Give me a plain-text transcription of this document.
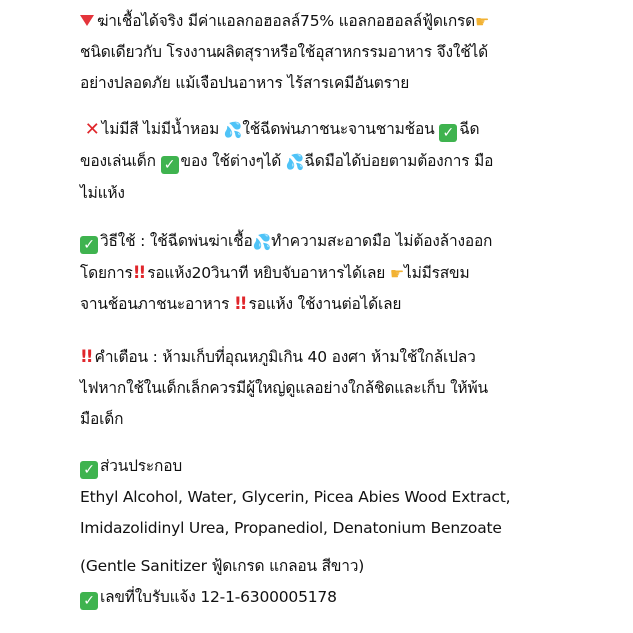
ฆ่าเชื้อได้จริง มีค่าแอลกอฮอลล์75% แอลกอฮอลล์ฟู้ดเกรด☛
ชนิดเดียวกับ โรงงานผลิตสุราหรือใช้อุสาหกรรมอาหาร จึงใช้ได้
อย่างปลอดภัย แม้เจือปนอาหาร ไร้สารเคมีอันตราย
✕ ไม่มีสี ไม่มีน้ำหอม 💦ใช้ฉีดพ่นภาชนะจานชามช้อน ✓ ฉีด
ของเล่นเด็ก ✓ ของ ใช้ต่างๆได้ 💦ฉีดมือได้บ่อยตามต้องการ มือ
ไม่แห้ง
✓ วิธีใช้ : ใช้ฉีดพ่นฆ่าเชื้อ💦ทำความสะอาดมือ ไม่ต้องล้างออก
โดยการ!! รอแห้ง20วินาที หยิบจับอาหารได้เลย ☛ไม่มีรสขม
จานช้อนภาชนะอาหาร !! รอแห้ง ใช้งานต่อได้เลย
!! คำเตือน : ห้ามเก็บที่อุณหภูมิเกิน 40 องศา ห้ามใช้ใกล้เปลว
ไฟหากใช้ในเด็กเล็กควรมีผู้ใหญ่ดูแลอย่างใกล้ชิดและเก็บ ให้พ้น
มือเด็ก
✓ ส่วนประกอบ
Ethyl Alcohol, Water, Glycerin, Picea Abies Wood Extract,
Imidazolidinyl Urea, Propanediol, Denatonium Benzoate
(Gentle Sanitizer ฟู้ดเกรด แกลอน สีขาว)
✓ เลขที่ใบรับแจ้ง 12-1-6300005178
